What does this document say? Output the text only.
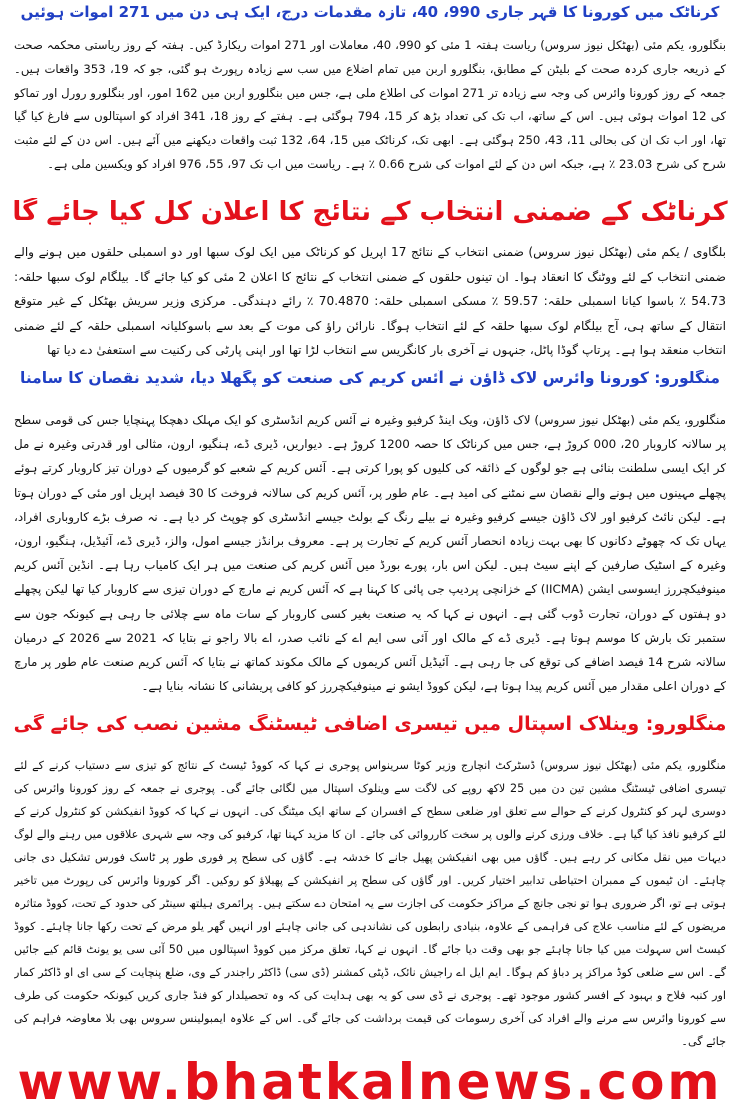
کرناٹک میں کورونا کا قہر جاری 990، 40، تازہ مقدمات درج، ایک ہی دن میں 271 اموات ہوئیں
بنگلورو، یکم مئی (بھٹکل نیوز سروس) ریاست ہفتہ 1 مئی کو 990، 40، معاملات اور 271 اموات ریکارڈ کیں۔ ہفتہ کے روز ریاستی محکمہ صحت کے ذریعہ جاری کردہ صحت کے بلیٹن کے مطابق، بنگلورو اربن میں تمام اضلاع میں سب سے زیادہ رپورٹ ہو گئی، جو کہ 19، 353 واقعات ہیں۔ جمعہ کے روز کورونا وائرس کی وجہ سے زیادہ تر 271 اموات کی اطلاع ملی ہے، جس میں بنگلورو اربن میں 162 امور، اور بنگلورو رورل اور تماکو کی 12 اموات ہوئی ہیں۔ اس کے ساتھ، اب تک کی تعداد بڑھ کر 15، 794 ہوگئی ہے۔ ہفتے کے روز 18، 341 افراد کو اسپتالوں سے فارغ کیا گیا تھا، اور اب تک ان کی بحالی 11، 43، 250 ہوگئی ہے۔ ابھی تک، کرناٹک میں 15، 64، 132 ثبت واقعات دیکھنے میں آئے ہیں۔ اس دن کے لئے مثبت شرح کی شرح 23.03 ٪ ہے، جبکہ اس دن کے لئے اموات کی شرح 0.66 ٪ ہے۔ ریاست میں اب تک 97، 55، 976 افراد کو ویکسین ملی ہے۔
کرناٹک کے ضمنی انتخاب کے نتائج کا اعلان کل کیا جائے گا
بلگاوی / یکم مئی (بھٹکل نیوز سروس) ضمنی انتخاب کے نتائج 17 اپریل کو کرناٹک میں ایک لوک سبھا اور دو اسمبلی حلقوں میں ہونے والے ضمنی انتخاب کے لئے ووٹنگ کا انعقاد ہوا۔ ان تینوں حلقوں کے ضمنی انتخاب کے نتائج کا اعلان 2 مئی کو کیا جائے گا۔ بیلگام لوک سبھا حلقہ: 54.73 ٪ باسوا کیانا اسمبلی حلقہ: 59.57 ٪ مسکی اسمبلی حلقہ: 70.4870 ٪ رائے دہندگی۔ مرکزی وزیر سریش بھٹکل کے غیر متوقع انتقال کے ساتھ ہی، آج بیلگام لوک سبھا حلقہ کے لئے انتخاب ہوگا۔ نارائن راؤ کی موت کے بعد سے باسوکلیانہ اسمبلی حلقہ کے لئے ضمنی انتخاب منعقد ہوا ہے۔ پرتاپ گوڈا پاٹل، جنہوں نے آخری بار کانگریس سے انتخاب لڑا تھا اور اپنی پارٹی کی رکنیت سے استعفیٰ دے دیا تھا
منگلورو: کورونا وائرس لاک ڈاؤن نے آئس کریم کی صنعت کو پگھلا دیا، شدید نقصان کا سامنا
منگلورو، یکم مئی (بھٹکل نیوز سروس) لاک ڈاؤن، ویک اینڈ کرفیو وغیرہ نے آئس کریم انڈسٹری کو ایک مہلک دھچکا پہنچایا جس کی قومی سطح پر سالانہ کاروبار 20، 000 کروڑ ہے، جس میں کرناٹک کا حصہ 1200 کروڑ ہے۔ دیواریں، ڈیری ڈے، ہنگیو، ارون، مثالی اور قدرتی وغیرہ نے مل کر ایک ایسی سلطنت بنائی ہے جو لوگوں کے ذائقہ کی کلیوں کو پورا کرتی ہے۔ آئس کریم کے شعبے کو گرمیوں کے دوران تیز کاروبار کرتے ہوئے پچھلے مہینوں میں ہونے والے نقصان سے نمٹنے کی امید ہے۔ عام طور پر، آئس کریم کی سالانہ فروخت کا 30 فیصد اپریل اور مئی کے دوران ہوتا ہے۔ لیکن نائٹ کرفیو اور لاک ڈاؤن جیسے کرفیو وغیرہ نے بیلے رنگ کے بولٹ جیسے انڈسٹری کو چوپٹ کر دیا ہے۔ نہ صرف بڑے کاروباری افراد، یہاں تک کہ چھوٹے دکانوں کا بھی بہت زیادہ انحصار آئس کریم کے تجارت پر ہے۔ معروف برانڈز جیسے امول، والز، ڈیری ڈے، آئیڈیل، ہنگیو، ارون، وغیرہ کے اسٹیک صارفین کے اپنے سیٹ ہیں۔ لیکن اس بار، پورے بورڈ میں آئس کریم کی صنعت میں ہر ایک کامیاب رہا ہے۔ انڈین آئس کریم مینوفیکچررز ایسوسی ایشن (IICMA) کے خزانچی پردیپ جی پائی کا کہنا ہے کہ آئس کریم نے مارچ کے دوران تیزی سے کاروبار کیا تھا لیکن پچھلے دو ہفتوں کے دوران، تجارت ڈوب گئی ہے۔ انہوں نے کہا کہ یہ صنعت بغیر کسی کاروبار کے سات ماہ سے چلائی جا رہی ہے کیونکہ جون سے ستمبر تک بارش کا موسم ہوتا ہے۔ ڈیری ڈے کے مالک اور آئی سی ایم اے کے نائب صدر، اے بالا راجو نے بتایا کہ 2021 سے 2026 کے درمیان سالانہ شرح 14 فیصد اضافے کی توقع کی جا رہی ہے۔ آئیڈیل آئس کریموں کے مالک مکوند کماتھ نے بتایا کہ آئس کریم صنعت عام طور پر مارچ کے دوران اعلی مقدار میں آئس کریم پیدا ہوتا ہے، لیکن کووڈ ایشو نے مینوفیکچررز کو کافی پریشانی کا نشانہ بنایا ہے۔
منگلورو: وینلاک اسپتال میں تیسری اضافی ٹیسٹنگ مشین نصب کی جائے گی
منگلورو، یکم مئی (بھٹکل نیوز سروس) ڈسٹرکٹ انچارج وزیر کوٹا سرینواس پوجری نے کہا کہ کووڈ ٹیسٹ کے نتائج کو تیزی سے دستیاب کرنے کے لئے تیسری اضافی ٹیسٹنگ مشین تین دن میں 25 لاکھ روپے کی لاگت سے وینلوک اسپتال میں لگائی جائے گی۔ پوجری نے جمعہ کے روز کورونا وائرس کی دوسری لہر کو کنٹرول کرنے کے حوالے سے تعلق اور ضلعی سطح کے افسران کے ساتھ ایک میٹنگ کی۔ انہوں نے کہا کہ کووڈ انفیکشن کو کنٹرول کرنے کے لئے کرفیو نافذ کیا گیا ہے۔ خلاف ورزی کرنے والوں پر سخت کارروائی کی جائے۔ ان کا مزید کہنا تھا، کرفیو کی وجہ سے شہری علاقوں میں رہنے والے لوگ دیہات میں نقل مکانی کر رہے ہیں۔ گاؤں میں بھی انفیکشن پھیل جانے کا خدشہ ہے۔ گاؤں کی سطح پر فوری طور پر ٹاسک فورس تشکیل دی جانی چاہئے۔ ان ٹیموں کے ممبران احتیاطی تدابیر اختیار کریں۔ اور گاؤں کی سطح پر انفیکشن کے پھیلاؤ کو روکیں۔ اگر کورونا وائرس کی رپورٹ میں تاخیر ہوتی ہے تو، اگر ضروری ہوا تو نجی جانچ کے مراکز حکومت کی اجازت سے یہ امتحان دے سکتے ہیں۔ پرائمری ہیلتھ سینٹر کی حدود کے تحت، کووڈ متاثرہ مریضوں کے لئے مناسب علاج کی فراہمی کے علاوہ، بنیادی رابطوں کی نشاندہی کی جانی چاہئے اور انہیں گھر یلو مرض کے تحت رکھا جانا چاہئے۔ کووڈ کیسٹ اس سہولت میں کیا جانا چاہئے جو بھی وقت دیا جائے گا۔ انہوں نے کہا، تعلق مرکز میں کووڈ اسپتالوں میں 50 آئی سی یو یونٹ قائم کیے جائیں گے۔ اس سے ضلعی کوڈ مراکز پر دباؤ کم ہوگا۔ ایم ایل اے راجیش نائک، ڈپٹی کمشنر (ڈی سی) ڈاکٹر راجندر کے وی، ضلع پنچایت کے سی ای او ڈاکٹر کمار اور کنبہ فلاح و بہبود کے افسر کشور موجود تھے۔ پوجری نے ڈی سی کو یہ بھی ہدایت کی کہ وہ تحصیلدار کو فنڈ جاری کریں کیونکہ حکومت کی طرف سے کورونا وائرس سے مرنے والے افراد کی آخری رسومات کی قیمت برداشت کی جائے گی۔ اس کے علاوہ ایمبولینس سروس بھی بلا معاوضہ فراہم کی جائے گی۔
www.bhatkalnews.com
